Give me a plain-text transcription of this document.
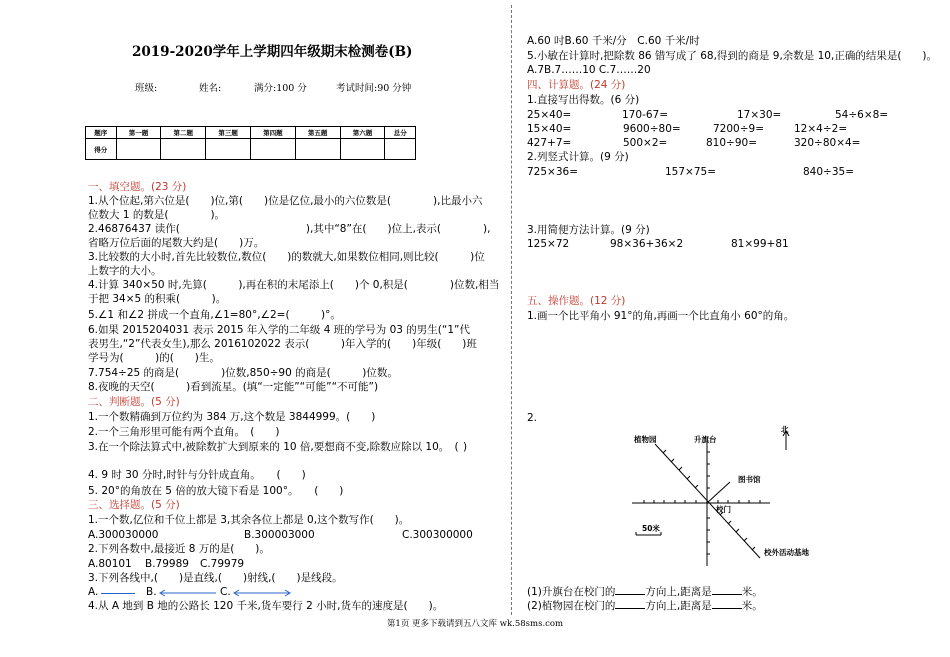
2019-2020学年上学期四年级期末检测卷(B)
班级:	姓名:	满分:100 分	考试时间:90 分钟
题序	第一题	第二题	第三题	第四题	第五题	第六题	总分
得分							
一、填空题。(23 分)
1.从个位起,第六位是(　　)位,第(　　)位是亿位,最小的六位数是(　　　　),比最小六
位数大 1 的数是(　　　　)。
2.46876437 读作(　　　　　　　　　　　　),其中“8”在(　　)位上,表示(　　　　),
省略万位后面的尾数大约是(　　)万。
3.比较数的大小时,首先比较数位,数位(　　)的数就大,如果数位相同,则比较(　　　)位
上数字的大小。
4.计算 340×50 时,先算(　　　),再在积的末尾添上(　　)个 0,积是(　　　　)位数,相当
于把 34×5 的积乘(　　　)。
5.∠1 和∠2 拼成一个直角,∠1=80°,∠2=(　　　)°。
6.如果 2015204031 表示 2015 年入学的二年级 4 班的学号为 03 的男生(“1”代
表男生,“2”代表女生),那么 2016102022 表示(　　　)年入学的(　　)年级(　　)班
学号为(　　　)的(　　)生。
7.754÷25 的商是(　　　　)位数,850÷90 的商是(　　　)位数。
8.夜晚的天空(　　　)看到流星。(填“一定能”“可能”“不可能”)
二、判断题。(5 分)
1.一个数精确到万位约为 384 万,这个数是 3844999。(　　)
2.一个三角形里可能有两个直角。　(　　)
3.在一个除法算式中,被除数扩大到原来的 10 倍,要想商不变,除数应除以 10。　( )
4. 9 时 30 分时,时针与分针成直角。　　(　　)
5. 20°的角放在 5 倍的放大镜下看是 100°。　　(　　)
三、选择题。(5 分)
1.一个数,亿位和千位上都是 3,其余各位上都是 0,这个数写作(　　)。
A.300030000	B.300003000	C.300300000
2.下列各数中,最接近 8 万的是(　　)。
A.80101 B.79989 C.79979
3.下列各线中,(　　)是直线,(　　)射线,(　　)是线段。
A.	B.	C.
4.从 A 地到 B 地的公路长 120 千米,货车要行 2 小时,货车的速度是(　　)。
A.60 吋B.60 千米/分　C.60 千米/时
5.小敏在计算时,把除数 86 错写成了 68,得到的商是 9,余数是 10,正确的结果是(　　)。
A.7B.7……10 C.7……20
四、计算题。(24 分)
1.直接写出得数。(6 分)
25×40=	170-67=	17×30=	54÷6×8=
15×40=	9600÷80=	7200÷9=	12×4÷2=
427+7=	500×2=	810÷90=	320÷80×4=
2.列竖式计算。(9 分)
725×36=	157×75=	840÷35=
3.用简便方法计算。(9 分)
125×72	98×36+36×2	81×99+81
五、操作题。(12 分)
1.画一个比平角小 91°的角,再画一个比直角小 60°的角。
2.
植物园	升旗台
北
图书馆
50米
校门
校外活动基地
(1)升旗台在校门的	方向上,距离是	米。
(2)植物园在校门的	方向上,距离是	米。
第1页 更多下载请到五八文库 wk.58sms.com
